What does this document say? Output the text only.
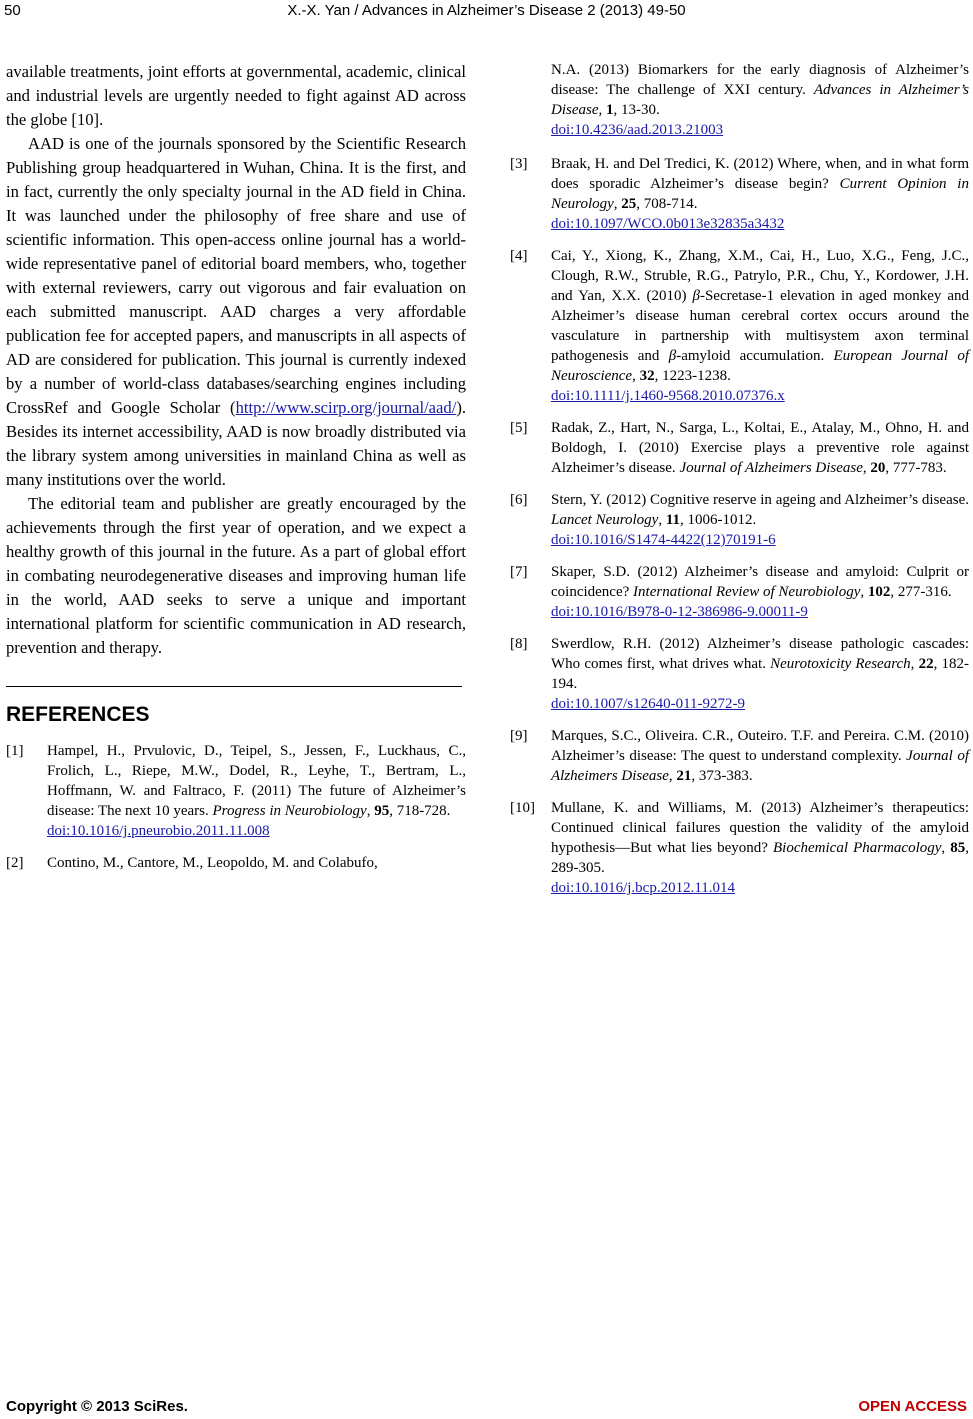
50	X.-X. Yan / Advances in Alzheimer’s Disease 2 (2013) 49-50

available treatments, joint efforts at governmental, academic, clinical and industrial levels are urgently needed to fight against AD across the globe [10].

AAD is one of the journals sponsored by the Scientific Research Publishing group headquartered in Wuhan, China. It is the first, and in fact, currently the only specialty journal in the AD field in China. It was launched under the philosophy of free share and use of scientific information. This open-access online journal has a world-wide representative panel of editorial board members, who, together with external reviewers, carry out vigorous and fair evaluation on each submitted manuscript. AAD charges a very affordable publication fee for accepted papers, and manuscripts in all aspects of AD are considered for publication. This journal is currently indexed by a number of world-class databases/searching engines including CrossRef and Google Scholar (http://www.scirp.org/journal/aad/). Besides its internet accessibility, AAD is now broadly distributed via the library system among universities in mainland China as well as many institutions over the world.

The editorial team and publisher are greatly encouraged by the achievements through the first year of operation, and we expect a healthy growth of this journal in the future. As a part of global effort in combating neurodegenerative diseases and improving human life in the world, AAD seeks to serve a unique and important international platform for scientific communication in AD research, prevention and therapy.

REFERENCES
[1]	Hampel, H., Prvulovic, D., Teipel, S., Jessen, F., Luckhaus, C., Frolich, L., Riepe, M.W., Dodel, R., Leyhe, T., Bertram, L., Hoffmann, W. and Faltraco, F. (2011) The future of Alzheimer’s disease: The next 10 years. Progress in Neurobiology, 95, 718-728.
doi:10.1016/j.pneurobio.2011.11.008
[2]	Contino, M., Cantore, M., Leopoldo, M. and Colabufo,
N.A. (2013) Biomarkers for the early diagnosis of Alzheimer’s disease: The challenge of XXI century. Advances in Alzheimer’s Disease, 1, 13-30.
doi:10.4236/aad.2013.21003
[3]	Braak, H. and Del Tredici, K. (2012) Where, when, and in what form does sporadic Alzheimer’s disease begin? Current Opinion in Neurology, 25, 708-714.
doi:10.1097/WCO.0b013e32835a3432
[4]	Cai, Y., Xiong, K., Zhang, X.M., Cai, H., Luo, X.G., Feng, J.C., Clough, R.W., Struble, R.G., Patrylo, P.R., Chu, Y., Kordower, J.H. and Yan, X.X. (2010) β-Secretase-1 elevation in aged monkey and Alzheimer’s disease human cerebral cortex occurs around the vasculature in partnership with multisystem axon terminal pathogenesis and β-amyloid accumulation. European Journal of Neuroscience, 32, 1223-1238.
doi:10.1111/j.1460-9568.2010.07376.x
[5]	Radak, Z., Hart, N., Sarga, L., Koltai, E., Atalay, M., Ohno, H. and Boldogh, I. (2010) Exercise plays a preventive role against Alzheimer’s disease. Journal of Alzheimers Disease, 20, 777-783.
[6]	Stern, Y. (2012) Cognitive reserve in ageing and Alzheimer’s disease. Lancet Neurology, 11, 1006-1012.
doi:10.1016/S1474-4422(12)70191-6
[7]	Skaper, S.D. (2012) Alzheimer’s disease and amyloid: Culprit or coincidence? International Review of Neurobiology, 102, 277-316.
doi:10.1016/B978-0-12-386986-9.00011-9
[8]	Swerdlow, R.H. (2012) Alzheimer’s disease pathologic cascades: Who comes first, what drives what. Neurotoxicity Research, 22, 182-194.
doi:10.1007/s12640-011-9272-9
[9]	Marques, S.C., Oliveira. C.R., Outeiro. T.F. and Pereira. C.M. (2010) Alzheimer’s disease: The quest to understand complexity. Journal of Alzheimers Disease, 21, 373-383.
[10]	Mullane, K. and Williams, M. (2013) Alzheimer’s therapeutics: Continued clinical failures question the validity of the amyloid hypothesis—But what lies beyond? Biochemical Pharmacology, 85, 289-305.
doi:10.1016/j.bcp.2012.11.014
Copyright © 2013 SciRes.	OPEN ACCESS
